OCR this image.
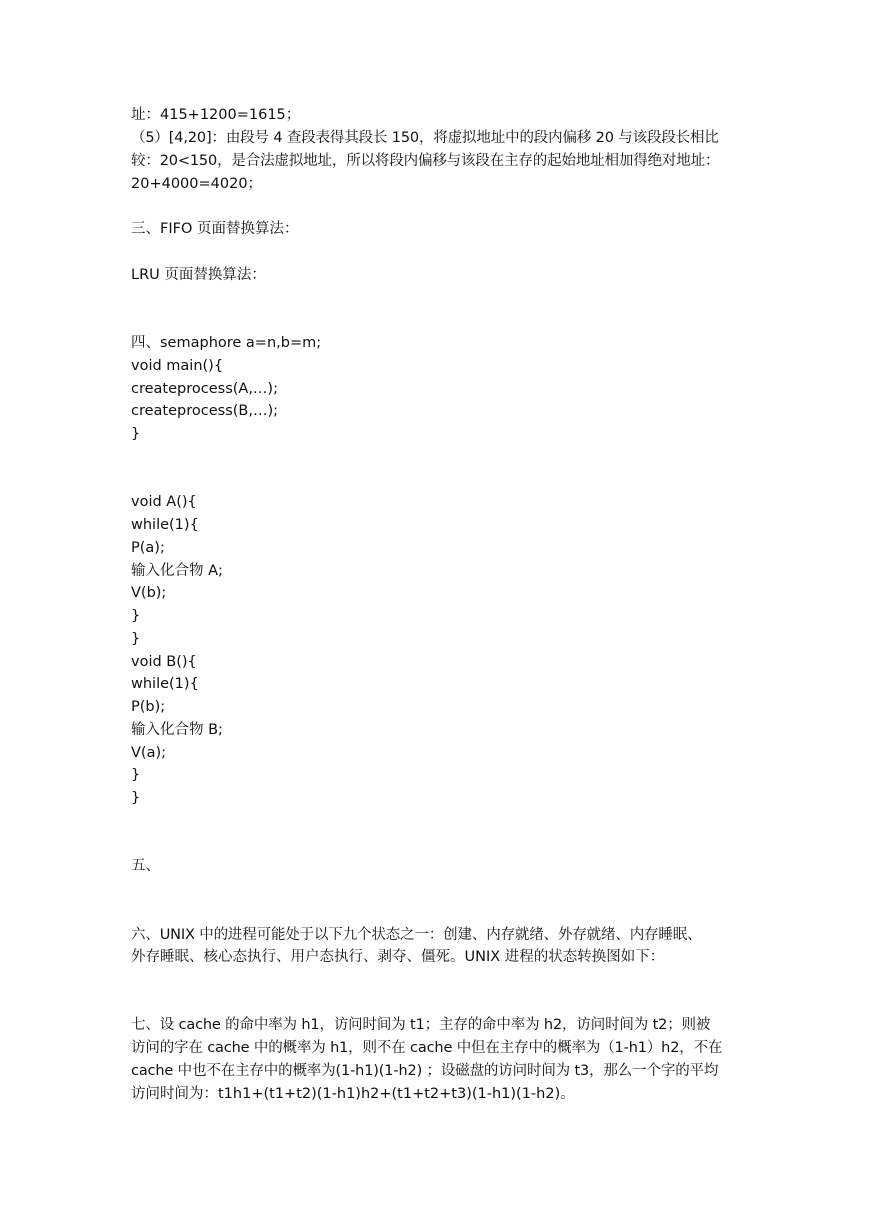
址：415+1200=1615；
（5）[4,20]：由段号 4 查段表得其段长 150，将虚拟地址中的段内偏移 20 与该段段长相比
较：20<150，是合法虚拟地址，所以将段内偏移与该段在主存的起始地址相加得绝对地址：
20+4000=4020；
三、FIFO 页面替换算法：
LRU 页面替换算法：
四、semaphore a=n,b=m;
void main(){
createprocess(A,…);
createprocess(B,…);
}
void A(){
while(1){
P(a);
输入化合物 A;
V(b);
}
}
void B(){
while(1){
P(b);
输入化合物 B;
V(a);
}
}
五、
六、UNIX 中的进程可能处于以下九个状态之一：创建、内存就绪、外存就绪、内存睡眠、
外存睡眠、核心态执行、用户态执行、剥夺、僵死。UNIX 进程的状态转换图如下：
七、设 cache 的命中率为 h1，访问时间为 t1；主存的命中率为 h2，访问时间为 t2；则被
访问的字在 cache 中的概率为 h1，则不在 cache 中但在主存中的概率为（1-h1）h2，不在
cache 中也不在主存中的概率为(1-h1)(1-h2) ；设磁盘的访问时间为 t3，那么一个字的平均
访问时间为：t1h1+(t1+t2)(1-h1)h2+(t1+t2+t3)(1-h1)(1-h2)。
